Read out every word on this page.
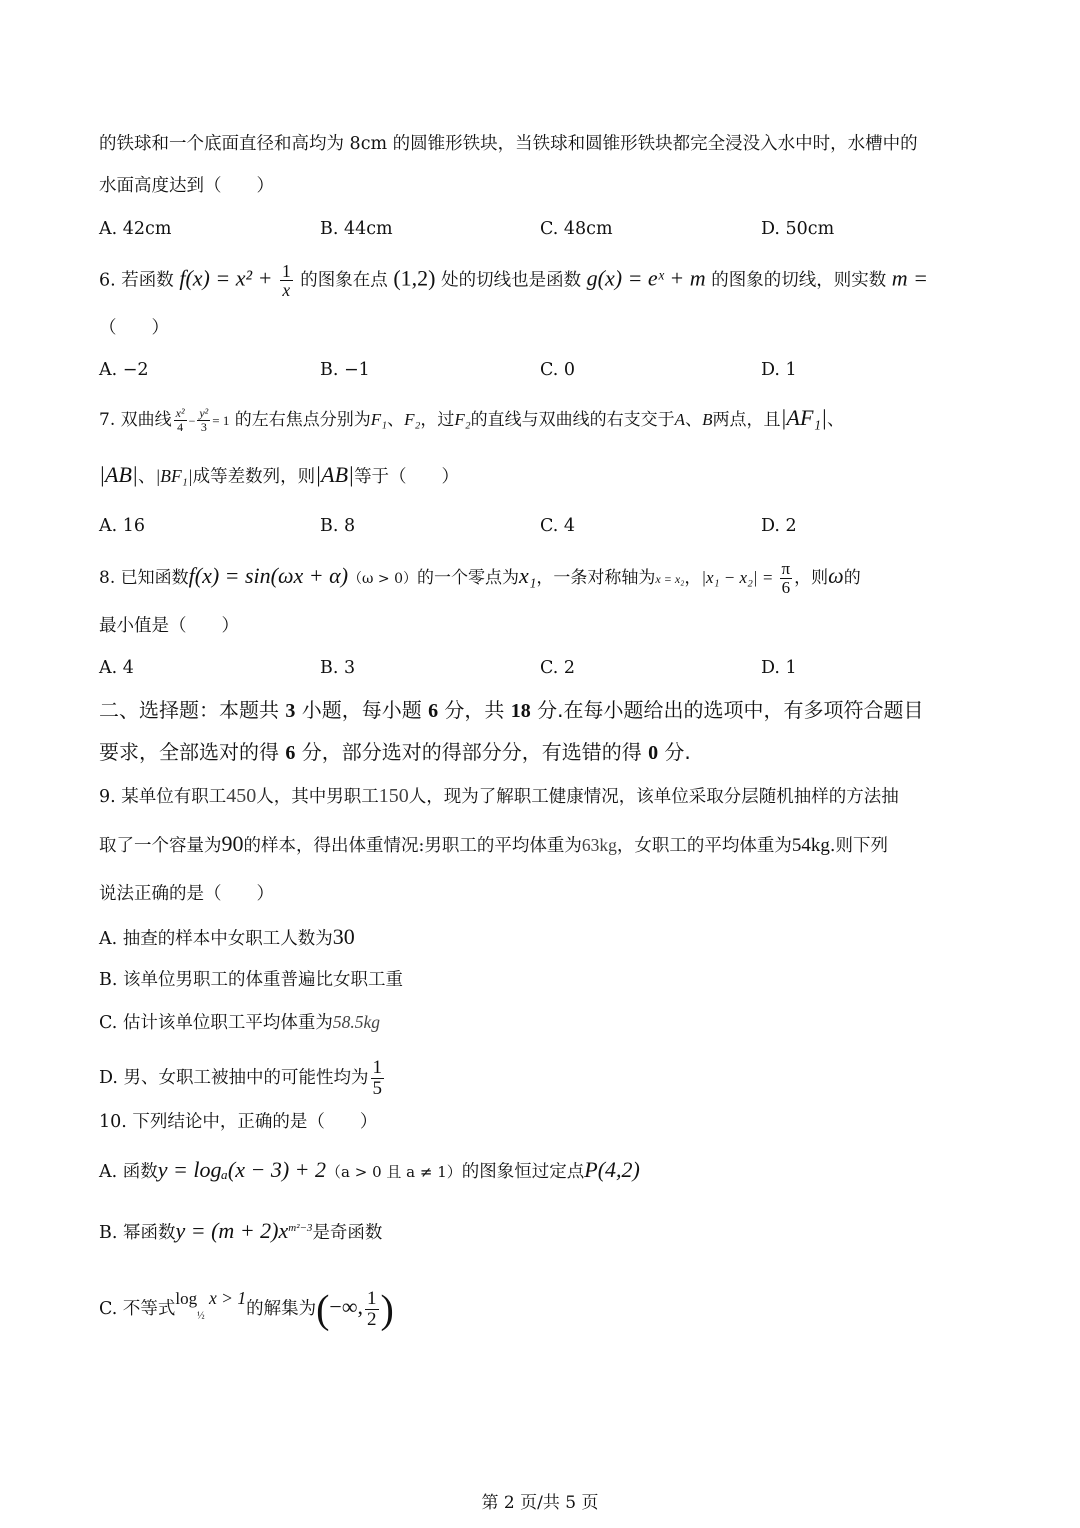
的铁球和一个底面直径和高均为 8cm 的圆锥形铁块，当铁球和圆锥形铁块都完全浸没入水中时，水槽中的
水面高度达到（　　）
A. 42cm	B. 44cm	C. 48cm	D. 50cm
6. 若函数 $f(x) = x^2 + \frac{1}{x}$ 的图象在点 (1,2) 处的切线也是函数 g(x) = eˣ + m 的图象的切线，则实数 m =
（　　）
A. −2	B. −1	C. 0	D. 1
7. 双曲线 $\frac{\text{x²}}{4} - \frac{\text{y²}}{3} = 1$ 的左右焦点分别为F₁、F₂，过F₂的直线与双曲线的右支交于A、B两点，且|AF₁|、
|AB|、|BF₁|成等差数列，则|AB|等于（　　）
A. 16	B. 8	C. 4	D. 2
8. 已知函数f(x) = sin(ωx + α)（ω > 0）的一个零点为x₁，一条对称轴为x = x₂，$|x_1 - x_2| = \frac{\pi}{6}$ ，则ω的
最小值是（　　）
A. 4	B. 3	C. 2	D. 1
二、选择题：本题共 3 小题，每小题 6 分，共 18 分.在每小题给出的选项中，有多项符合题目
要求，全部选对的得 6 分，部分选对的得部分分，有选错的得 0 分.
9. 某单位有职工450人，其中男职工150人，现为了解职工健康情况，该单位采取分层随机抽样的方法抽
取了一个容量为90的样本，得出体重情况:男职工的平均体重为63kg，女职工的平均体重为54kg.则下列
说法正确的是（　　）
A. 抽查的样本中女职工人数为30
B. 该单位男职工的体重普遍比女职工重
C. 估计该单位职工平均体重为58.5kg
D. 男、女职工被抽中的可能性均为 $\frac{1}{5}$
10. 下列结论中，正确的是（　　）
A. 函数y = logₐ(x − 3) + 2（a > 0 且 a ≠ 1）的图象恒过定点P(4,2)
B. 幂函数$y = (m + 2)x^{m^2-3}$是奇函数
C. 不等式$\log_{\frac{1}{2}} x > 1$的解集为(−∞, $\frac{1}{2}$ )
第 2 页/共 5 页
